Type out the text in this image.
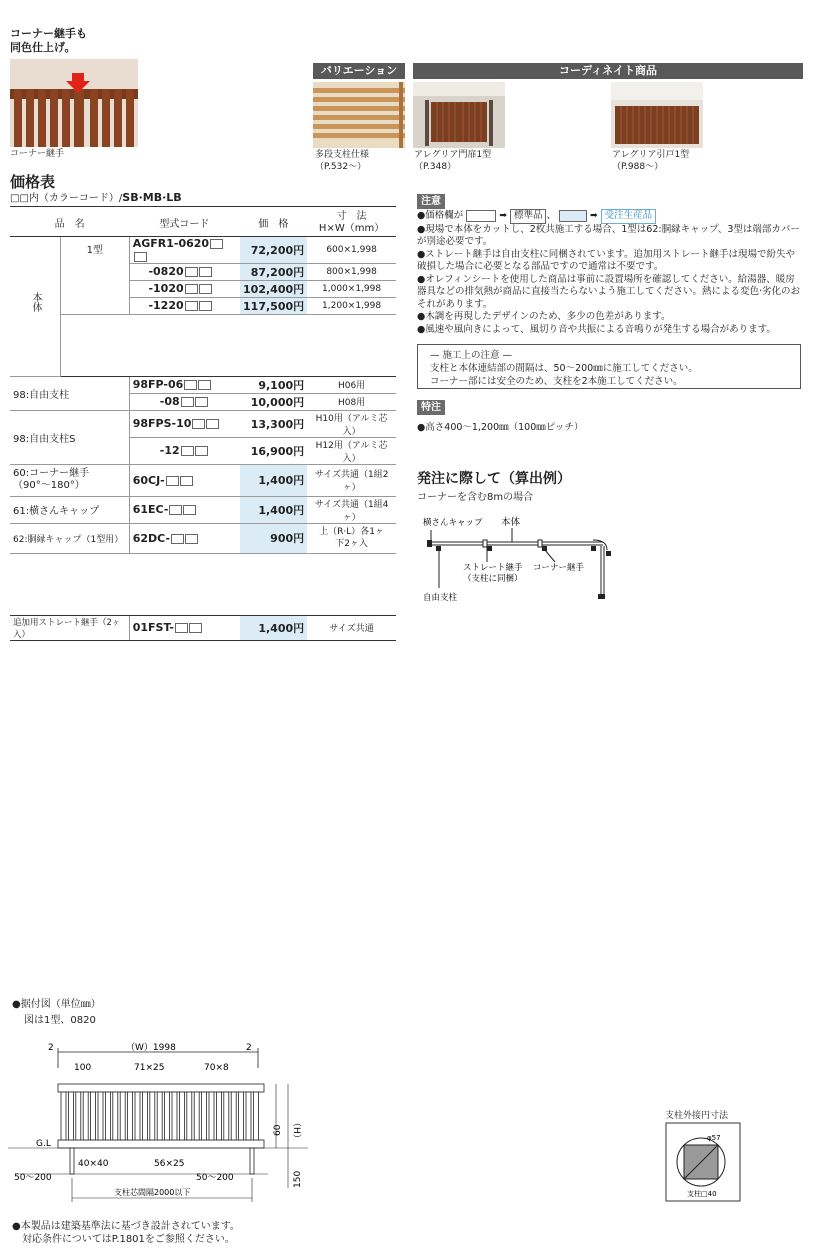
コーナー継手も
同色仕上げ。
コーナー継手
バリエーション
多段支柱仕様
（P.532〜）
コーディネイト商品
アレグリア門扉1型
（P.348）
アレグリア引戸1型
（P.988〜）
価格表
□□内（カラーコード）/SB·MB·LB
品　名		型式コード	価　格	寸　法
H×W（mm）

本体	1型	AGFR1-0620	72,200円	600×1,998
		-0820	87,200円	800×1,998
		-1020	102,400円	1,000×1,998
		-1220	117,500円	1,200×1,998

98:自由支柱		98FP-06	9,100円	H06用
		-08	10,000円	H08用
98:自由支柱S		98FPS-10	13,300円	H10用（アルミ芯入）
		-12	16,900円	H12用（アルミ芯入）

60:コーナー継手
（90°〜180°）		60CJ-	1,400円	サイズ共通（1組2ヶ）
61:横さんキャップ		61EC-	1,400円	サイズ共通（1組4ヶ）
62:胴縁キャップ（1型用）		62DC-	900円	上（R·L）各1ヶ
下2ヶ入

追加用ストレート継手（2ヶ入）		01FST-	1,400円	サイズ共通
注意

●価格欄が	➡ 標準品 、	➡ 受注生産品

●現場で本体をカットし、2枚共施工する場合、1型は62:胴縁キャップ、3型は端部カバーが別途必要です。

●ストレート継手は自由支柱に同梱されています。追加用ストレート継手は現場で紛失や破損した場合に必要となる部品ですので通常は不要です。

●オレフィンシートを使用した商品は事前に設置場所を確認してください。給湯器、暖房器具などの排気熱が商品に直接当たらないよう施工してください。熱による変色·劣化のおそれがあります。

●木調を再現したデザインのため、多少の色差があります。

●風速や風向きによって、風切り音や共振による音鳴りが発生する場合があります。

— 施工上の注意 —
支柱と本体連結部の間隔は、50〜200㎜に施工してください。
コーナー部には安全のため、支柱を2本施工してください。
特注
●高さ400〜1,200㎜（100㎜ピッチ）
発注に際して（算出例）
コーナーを含む8mの場合
横さんキャップ 本体
ストレート継手
（支柱に同梱）
コーナー継手
自由支柱
●据付図（単位㎜）
図は1型、0820
2	（W）1998	2
100	71×25	70×8
G.L
40×40	56×25
50〜200	50〜200
支柱芯間隔2000以下
（H）
60
150
支柱外接円寸法
φ57
支柱□40
●本製品は建築基準法に基づき設計されています。
　対応条件についてはP.1801をご参照ください。
